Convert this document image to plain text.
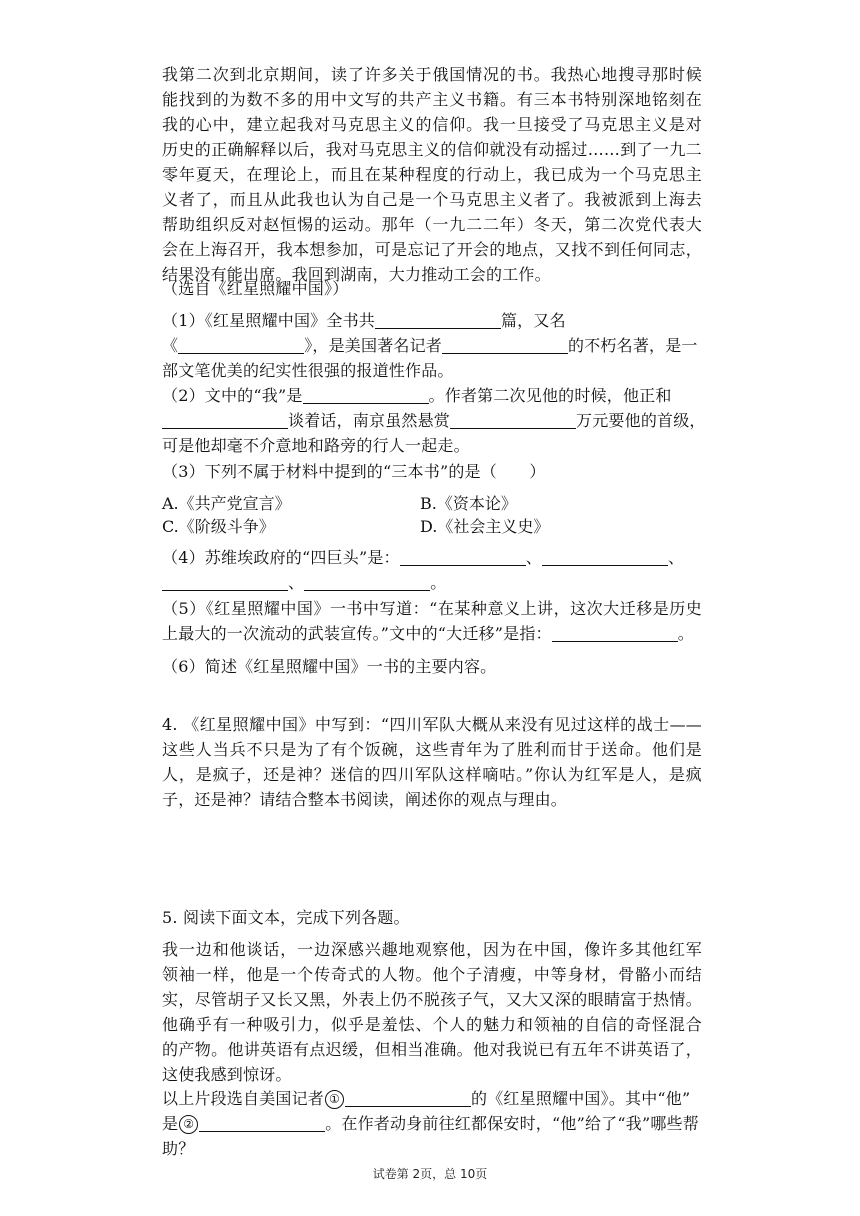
我第二次到北京期间，读了许多关于俄国情况的书。我热心地搜寻那时候
能找到的为数不多的用中文写的共产主义书籍。有三本书特别深地铭刻在
我的心中，建立起我对马克思主义的信仰。我一旦接受了马克思主义是对
历史的正确解释以后，我对马克思主义的信仰就没有动摇过……到了一九二
零年夏天，在理论上，而且在某种程度的行动上，我已成为一个马克思主
义者了，而且从此我也认为自己是一个马克思主义者了。我被派到上海去
帮助组织反对赵恒惕的运动。那年（一九二二年）冬天，第二次党代表大
会在上海召开，我本想参加，可是忘记了开会的地点，又找不到任何同志，
结果没有能出席。我回到湖南，大力推动工会的工作。
（选自《红星照耀中国》）
（1）《红星照耀中国》全书共	篇，又名
《	》，是美国著名记者	的不朽名著，是一
部文笔优美的纪实性很强的报道性作品。
（2）文中的“我”是	。作者第二次见他的时候，他正和
谈着话，南京虽然悬赏	万元要他的首级，
可是他却毫不介意地和路旁的行人一起走。
（3）下列不属于材料中提到的“三本书”的是（　　）
A.《共产党宣言》	B.《资本论》
C.《阶级斗争》	D.《社会主义史》
（4）苏维埃政府的“四巨头”是：	、	、
、	。
（5）《红星照耀中国》一书中写道：“在某种意义上讲，这次大迁移是历史
上最大的一次流动的武装宣传。”文中的“大迁移”是指：	。
（6）简述《红星照耀中国》一书的主要内容。
4. 《红星照耀中国》中写到：“四川军队大概从来没有见过这样的战士——
这些人当兵不只是为了有个饭碗，这些青年为了胜利而甘于送命。他们是
人，是疯子，还是神？迷信的四川军队这样嘀咕。”你认为红军是人，是疯
子，还是神？请结合整本书阅读，阐述你的观点与理由。
5. 阅读下面文本，完成下列各题。
我一边和他谈话，一边深感兴趣地观察他，因为在中国，像许多其他红军
领袖一样，他是一个传奇式的人物。他个子清瘦，中等身材，骨骼小而结
实，尽管胡子又长又黑，外表上仍不脱孩子气，又大又深的眼睛富于热情。
他确乎有一种吸引力，似乎是羞怯、个人的魅力和领袖的自信的奇怪混合
的产物。他讲英语有点迟缓，但相当准确。他对我说已有五年不讲英语了，
这使我感到惊讶。
以上片段选自美国记者 ①	的《红星照耀中国》。其中“他”
是 ②	。在作者动身前往红都保安时，“他”给了“我”哪些帮
助？
试卷第 2页，总 10页
